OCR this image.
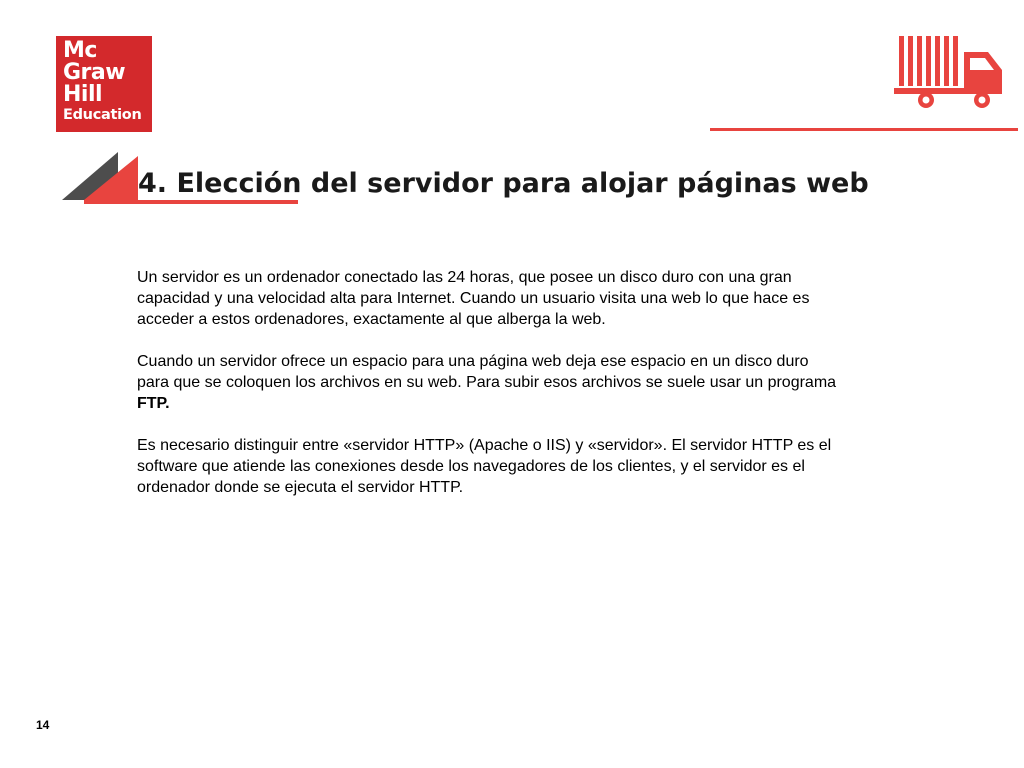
Mc
Graw
Hill
Education
4. Elección del servidor para alojar páginas web

Un servidor es un ordenador conectado las 24 horas, que posee un disco duro con una gran capacidad y una velocidad alta para Internet. Cuando un usuario visita una web lo que hace es acceder a estos ordenadores, exactamente al que alberga la web.

Cuando un servidor ofrece un espacio para una página web deja ese espacio en un disco duro para que se coloquen los archivos en su web. Para subir esos archivos se suele usar un programa FTP.

Es necesario distinguir entre «servidor HTTP» (Apache o IIS) y «servidor». El servidor HTTP es el software que atiende las conexiones desde los navegadores de los clientes, y el servidor es el ordenador donde se ejecuta el servidor HTTP.

14
